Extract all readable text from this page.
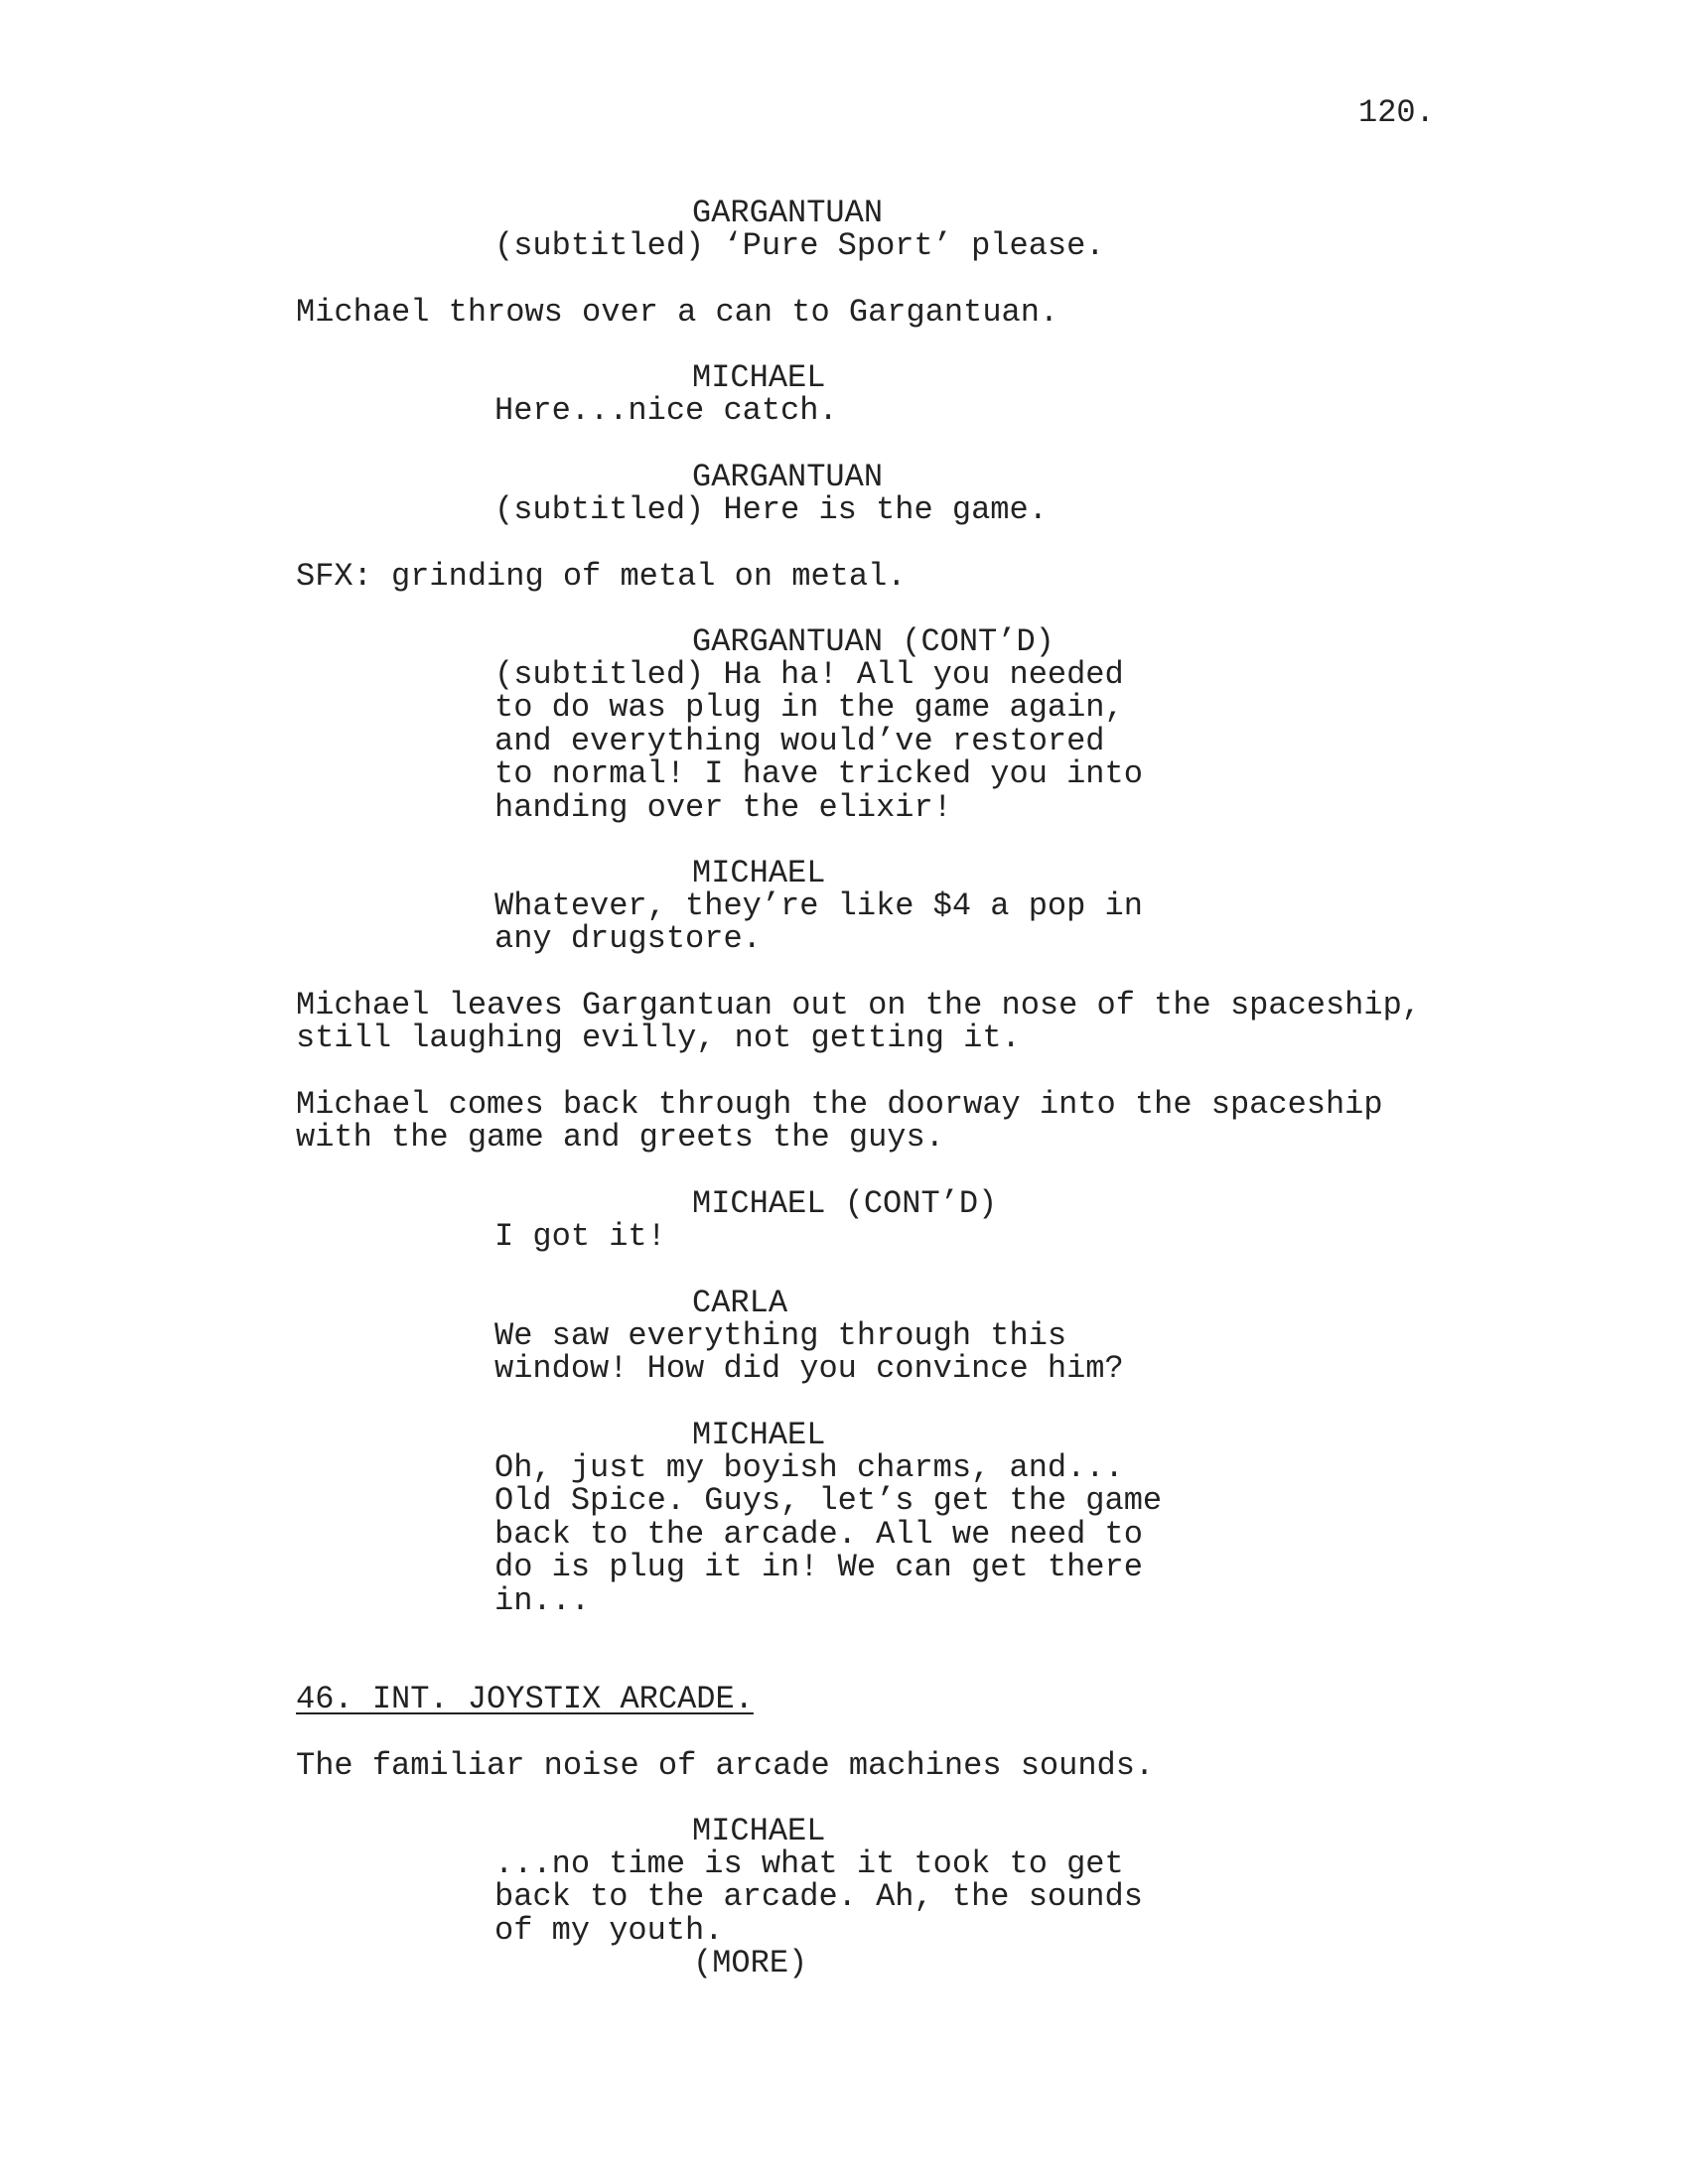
120.
GARGANTUAN
(subtitled) ‘Pure Sport’ please.
Michael throws over a can to Gargantuan.
MICHAEL
Here...nice catch.
GARGANTUAN
(subtitled) Here is the game.
SFX: grinding of metal on metal.
GARGANTUAN (CONT’D)
(subtitled) Ha ha! All you needed
to do was plug in the game again,
and everything would’ve restored
to normal! I have tricked you into
handing over the elixir!
MICHAEL
Whatever, they’re like $4 a pop in
any drugstore.
Michael leaves Gargantuan out on the nose of the spaceship,
still laughing evilly, not getting it.
Michael comes back through the doorway into the spaceship
with the game and greets the guys.
MICHAEL (CONT’D)
I got it!
CARLA
We saw everything through this
window! How did you convince him?
MICHAEL
Oh, just my boyish charms, and...
Old Spice. Guys, let’s get the game
back to the arcade. All we need to
do is plug it in! We can get there
in...
46. INT. JOYSTIX ARCADE.
The familiar noise of arcade machines sounds.
MICHAEL
...no time is what it took to get
back to the arcade. Ah, the sounds
of my youth.
(MORE)
